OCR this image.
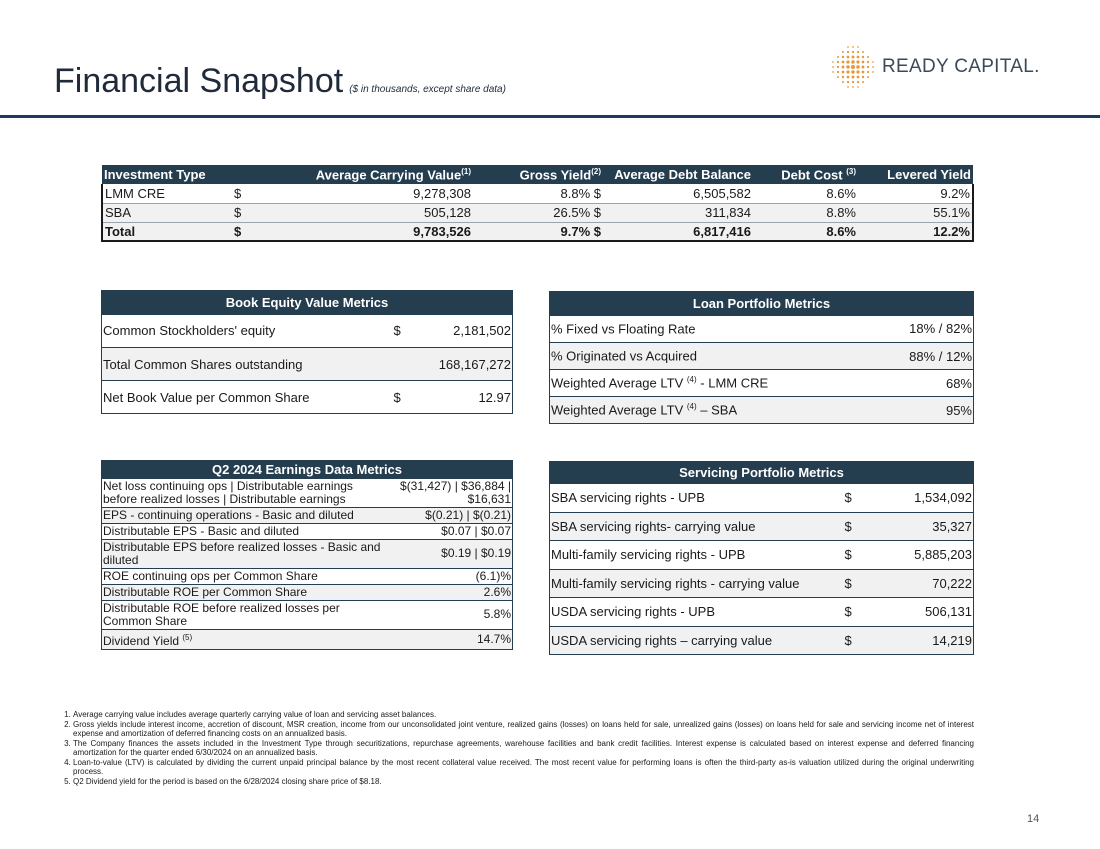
Financial Snapshot ($ in thousands, except share data)
READY CAPITAL.
Investment Type	Average Carrying Value$^{(1)}$		Gross Yield$^{(2)}$	Average Debt Balance	Debt Cost $^{(3)}$	Levered Yield
LMM CRE	$	9,278,308	8.8% $	6,505,582	8.6%	9.2%
SBA	$	505,128	26.5% $	311,834	8.8%	55.1%
Total	$	9,783,526	9.7% $	6,817,416	8.6%	12.2%
Book Equity Value Metrics		
Common Stockholders' equity	$	2,181,502
Total Common Shares outstanding		168,167,272
Net Book Value per Common Share	$	12.97
Loan Portfolio Metrics	
% Fixed vs Floating Rate	18% / 82%
% Originated vs Acquired	88% / 12%
Weighted Average LTV $^{(4)}$ - LMM CRE	68%
Weighted Average LTV $^{(4)}$ – SBA	95%
Q2 2024 Earnings Data Metrics	
Net loss continuing ops | Distributable earnings before realized losses | Distributable earnings	$(31,427) | $36,884 | $16,631
EPS - continuing operations - Basic and diluted	$(0.21) | $(0.21)
Distributable EPS - Basic and diluted	$0.07 | $0.07
Distributable EPS before realized losses - Basic and diluted	$0.19 | $0.19
ROE continuing ops per Common Share	(6.1)%
Distributable ROE per Common Share	2.6%
Distributable ROE before realized losses per Common Share	5.8%
Dividend Yield $^{(5)}$	14.7%
Servicing Portfolio Metrics		
SBA servicing rights - UPB	$	1,534,092
SBA servicing rights- carrying value	$	35,327
Multi-family servicing rights - UPB	$	5,885,203
Multi-family servicing rights - carrying value	$	70,222
USDA servicing rights - UPB	$	506,131
USDA servicing rights – carrying value	$	14,219
1. Average carrying value includes average quarterly carrying value of loan and servicing asset balances.
2. Gross yields include interest income, accretion of discount, MSR creation, income from our unconsolidated joint venture, realized gains (losses) on loans held for sale, unrealized gains (losses) on loans held for sale and servicing income net of interest expense and amortization of deferred financing costs on an annualized basis.
3. The Company finances the assets included in the Investment Type through securitizations, repurchase agreements, warehouse facilities and bank credit facilities. Interest expense is calculated based on interest expense and deferred financing amortization for the quarter ended 6/30/2024 on an annualized basis.
4. Loan-to-value (LTV) is calculated by dividing the current unpaid principal balance by the most recent collateral value received. The most recent value for performing loans is often the third-party as-is valuation utilized during the original underwriting process.
5. Q2 Dividend yield for the period is based on the 6/28/2024 closing share price of $8.18.
14
